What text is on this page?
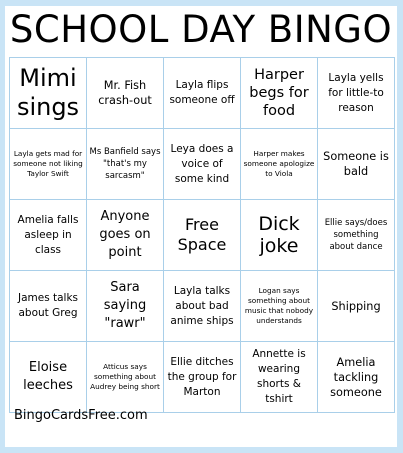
SCHOOL DAY BINGO
Mimi sings
Mr. Fish crash-out
Layla flips someone off
Harper begs for food
Layla yells for little-to reason
Layla gets mad for someone not liking Taylor Swift
Ms Banfield says "that's my sarcasm"
Leya does a voice of some kind
Harper makes someone apologize to Viola
Someone is bald
Amelia falls asleep in class
Anyone goes on point
Free Space
Dick joke
Ellie says/does something about dance
James talks about Greg
Sara saying "rawr"
Layla talks about bad anime ships
Logan says something about music that nobody understands
Shipping
Eloise leeches
Atticus says something about Audrey being short
Ellie ditches the group for Marton
Annette is wearing shorts & tshirt
Amelia tackling someone
BingoCardsFree.com
